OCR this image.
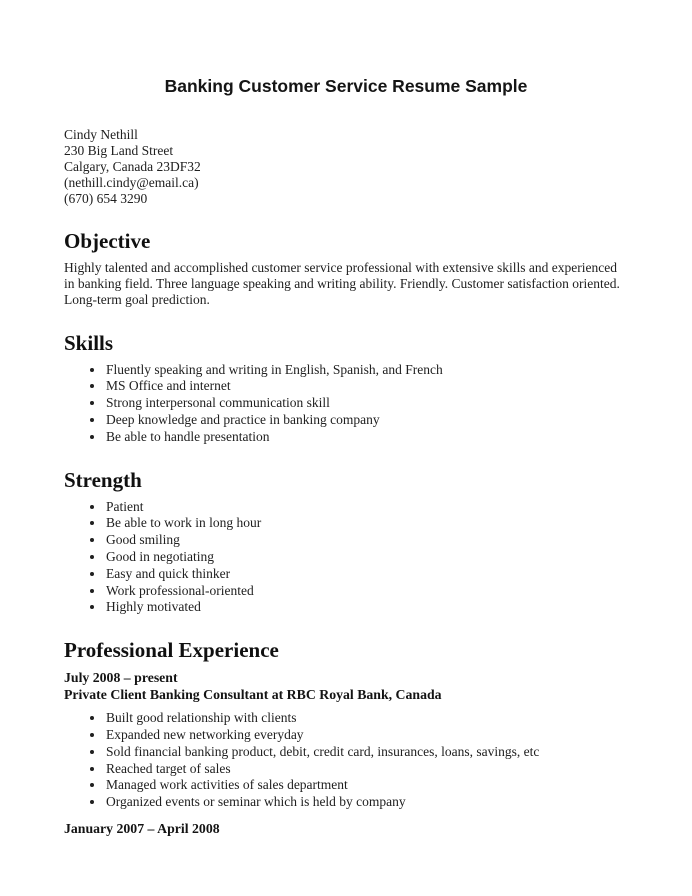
Banking Customer Service Resume Sample
Cindy Nethill
230 Big Land Street
Calgary, Canada 23DF32
(nethill.cindy@email.ca)
(670) 654 3290
Objective

Highly talented and accomplished customer service professional with extensive skills and experienced in banking field. Three language speaking and writing ability. Friendly. Customer satisfaction oriented. Long-term goal prediction.

Skills
• Fluently speaking and writing in English, Spanish, and French
• MS Office and internet
• Strong interpersonal communication skill
• Deep knowledge and practice in banking company
• Be able to handle presentation
Strength
• Patient
• Be able to work in long hour
• Good smiling
• Good in negotiating
• Easy and quick thinker
• Work professional-oriented
• Highly motivated
Professional Experience
July 2008 – present
Private Client Banking Consultant at RBC Royal Bank, Canada
• Built good relationship with clients
• Expanded new networking everyday
• Sold financial banking product, debit, credit card, insurances, loans, savings, etc
• Reached target of sales
• Managed work activities of sales department
• Organized events or seminar which is held by company
January 2007 – April 2008
